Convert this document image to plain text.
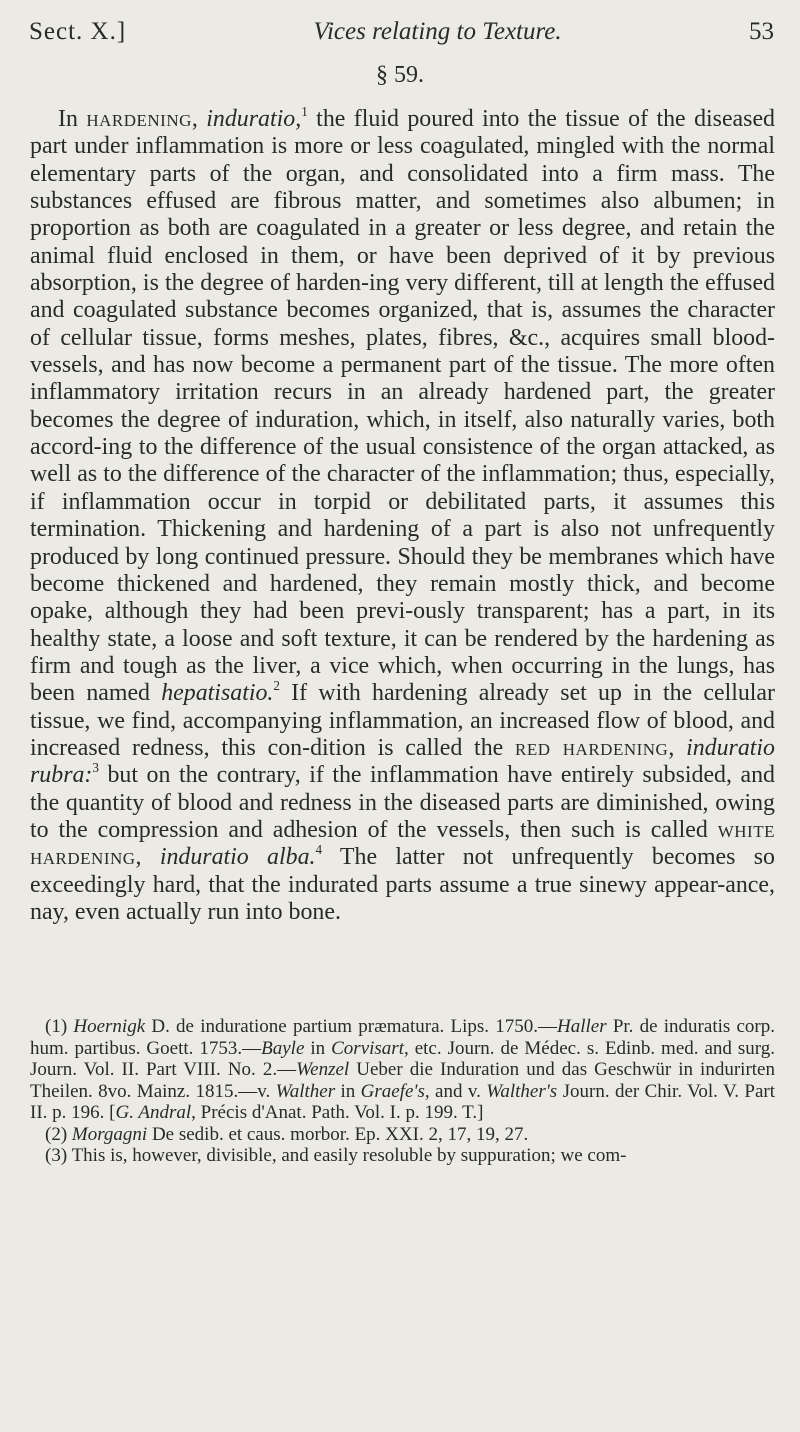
Sect. X.]	Vices relating to Texture.	53
§ 59.

In hardening, induratio,$^1$ the fluid poured into the tissue of the diseased part under inflammation is more or less coagulated, mingled with the normal elementary parts of the organ, and consolidated into a firm mass. The substances effused are fibrous matter, and sometimes also albumen; in proportion as both are coagulated in a greater or less degree, and retain the animal fluid enclosed in them, or have been deprived of it by previous absorption, is the degree of harden-ing very different, till at length the effused and coagulated substance becomes organized, that is, assumes the character of cellular tissue, forms meshes, plates, fibres, &c., acquires small blood-vessels, and has now become a permanent part of the tissue. The more often inflammatory irritation recurs in an already hardened part, the greater becomes the degree of induration, which, in itself, also naturally varies, both accord-ing to the difference of the usual consistence of the organ attacked, as well as to the difference of the character of the inflammation; thus, especially, if inflammation occur in torpid or debilitated parts, it assumes this termination. Thickening and hardening of a part is also not unfrequently produced by long continued pressure. Should they be membranes which have become thickened and hardened, they remain mostly thick, and become opake, although they had been previ-ously transparent; has a part, in its healthy state, a loose and soft texture, it can be rendered by the hardening as firm and tough as the liver, a vice which, when occurring in the lungs, has been named hepatisatio.$^2$ If with hardening already set up in the cellular tissue, we find, accompanying inflammation, an increased flow of blood, and increased redness, this con-dition is called the red hardening, induratio rubra:$^3$ but on the contrary, if the inflammation have entirely subsided, and the quantity of blood and redness in the diseased parts are diminished, owing to the compression and adhesion of the vessels, then such is called white hardening, induratio alba.$^4$ The latter not unfrequently becomes so exceedingly hard, that the indurated parts assume a true sinewy appear-ance, nay, even actually run into bone.

(1) Hoernigk D. de induratione partium præmatura. Lips. 1750.—Haller Pr. de induratis corp. hum. partibus. Goett. 1753.—Bayle in Corvisart, etc. Journ. de Médec. s. Edinb. med. and surg. Journ. Vol. II. Part VIII. No. 2.—Wenzel Ueber die Induration und das Geschwür in indurirten Theilen. 8vo. Mainz. 1815.—v. Walther in Graefe's, and v. Walther's Journ. der Chir. Vol. V. Part II. p. 196. [G. Andral, Précis d'Anat. Path. Vol. I. p. 199. T.]

(2) Morgagni De sedib. et caus. morbor. Ep. XXI. 2, 17, 19, 27.

(3) This is, however, divisible, and easily resoluble by suppuration; we com-
